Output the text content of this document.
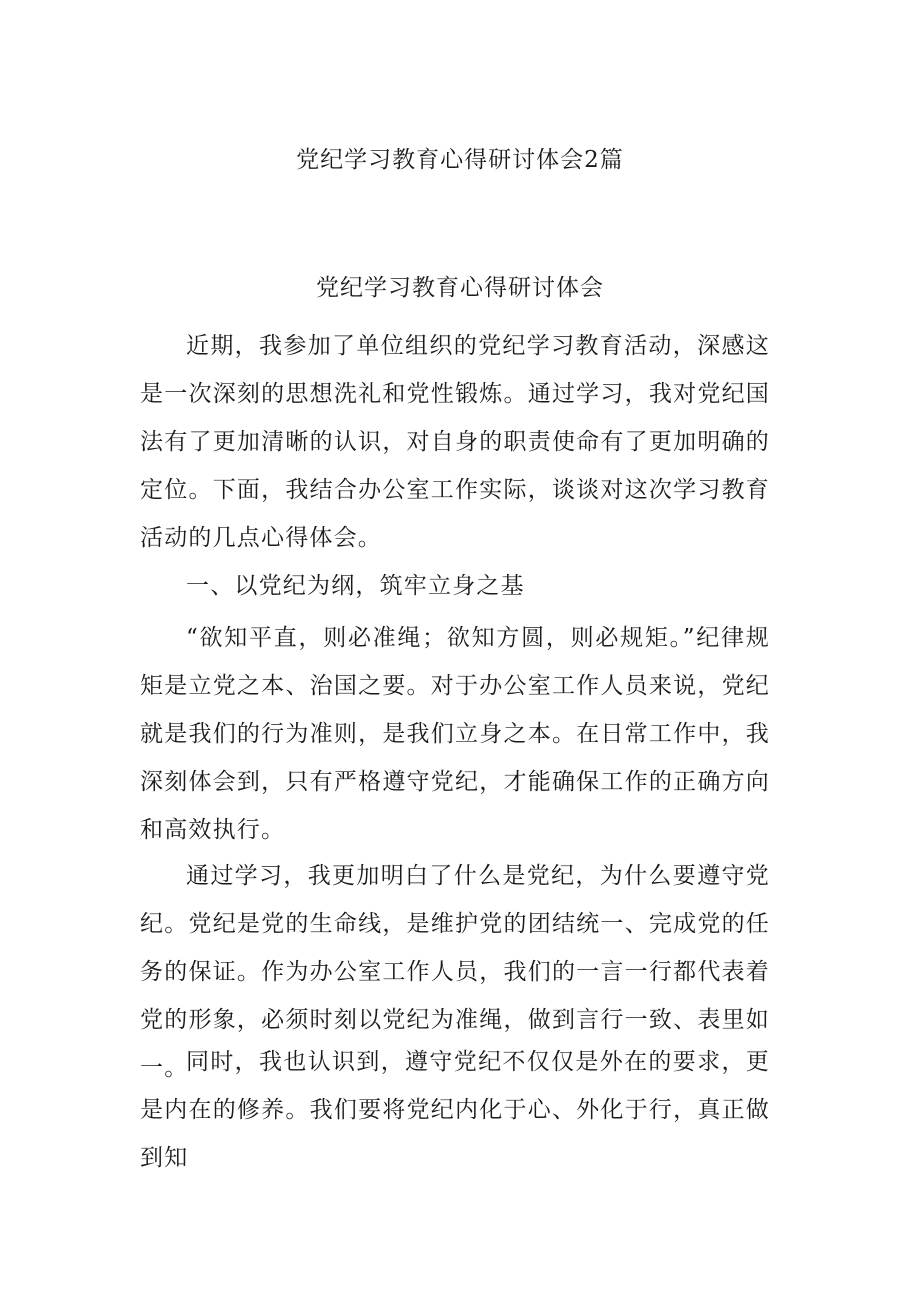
党纪学习教育心得研讨体会2篇
党纪学习教育心得研讨体会

近期，我参加了单位组织的党纪学习教育活动，深感这是一次深刻的思想洗礼和党性锻炼。通过学习，我对党纪国法有了更加清晰的认识，对自身的职责使命有了更加明确的定位。下面，我结合办公室工作实际，谈谈对这次学习教育活动的几点心得体会。

一、以党纪为纲，筑牢立身之基

“欲知平直，则必准绳；欲知方圆，则必规矩。”纪律规矩是立党之本、治国之要。对于办公室工作人员来说，党纪就是我们的行为准则，是我们立身之本。在日常工作中，我深刻体会到，只有严格遵守党纪，才能确保工作的正确方向和高效执行。

通过学习，我更加明白了什么是党纪，为什么要遵守党纪。党纪是党的生命线，是维护党的团结统一、完成党的任务的保证。作为办公室工作人员，我们的一言一行都代表着党的形象，必须时刻以党纪为准绳，做到言行一致、表里如一。

同时，我也认识到，遵守党纪不仅仅是外在的要求，更是内在的修养。我们要将党纪内化于心、外化于行，真正做到知
